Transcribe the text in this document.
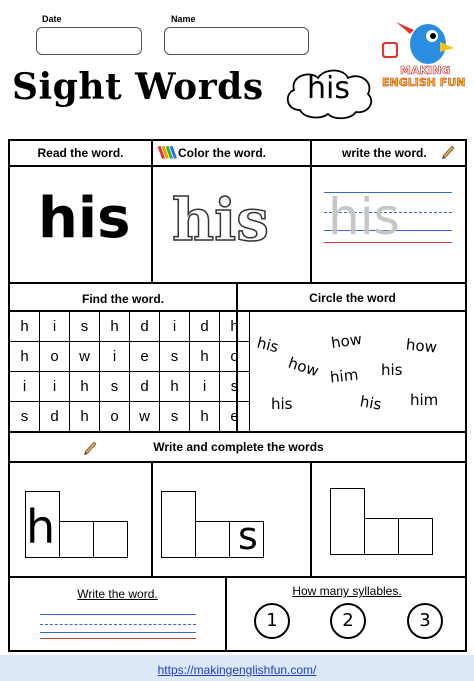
Date	Name
Sight Words his
MAKING
ENGLISH FUN
Read the word.	Color the word.	write the word.
his his his
Find the word.	Circle the word
h	i	s	h	d	i	d	h
h	o	w	i	e	s	h	o
i	i	h	s	d	h	i	s
s	d	h	o	w	s	h	e
his	how	how
how	his
him
his	his him
Write and complete the words
h	s
Write the word.	How many syllables.
1	2	3
https://makingenglishfun.com/
